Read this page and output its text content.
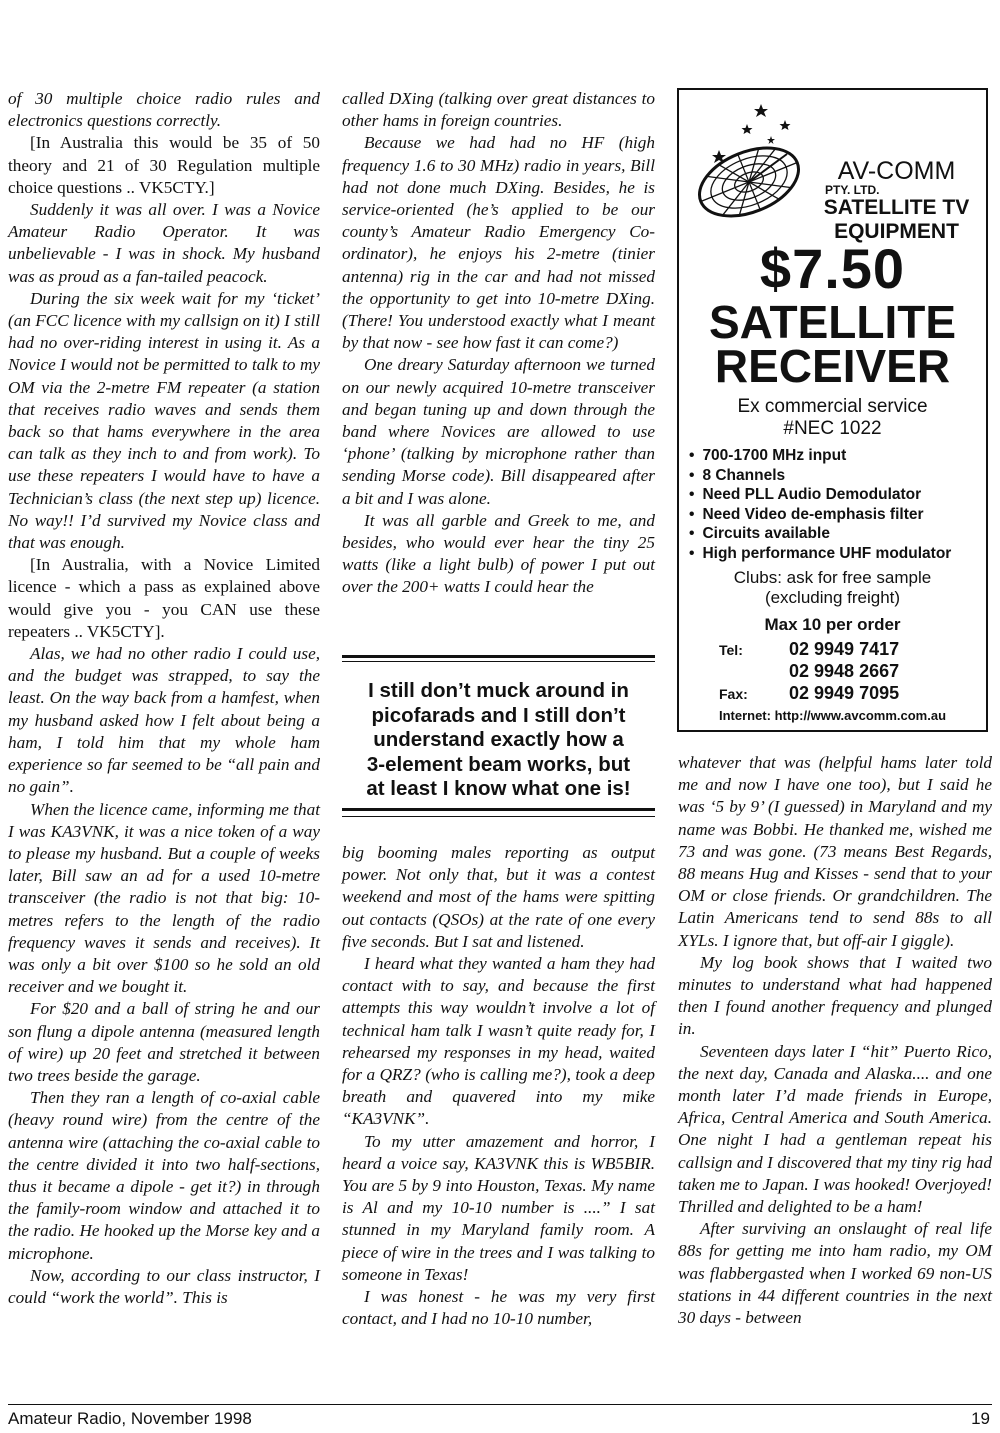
of 30 multiple choice radio rules and electronics questions correctly.

[In Australia this would be 35 of 50 theory and 21 of 30 Regulation multiple choice questions .. VK5CTY.]

Suddenly it was all over. I was a Novice Amateur Radio Operator. It was unbelievable - I was in shock. My husband was as proud as a fan-tailed peacock.

During the six week wait for my ‘ticket’ (an FCC licence with my callsign on it) I still had no over-riding interest in using it. As a Novice I would not be permitted to talk to my OM via the 2-metre FM repeater (a station that receives radio waves and sends them back so that hams everywhere in the area can talk as they inch to and from work). To use these repeaters I would have to have a Technician’s class (the next step up) licence. No way!! I’d survived my Novice class and that was enough.

[In Australia, with a Novice Limited licence - which a pass as explained above would give you - you CAN use these repeaters .. VK5CTY].

Alas, we had no other radio I could use, and the budget was strapped, to say the least. On the way back from a hamfest, when my husband asked how I felt about being a ham, I told him that my whole ham experience so far seemed to be “all pain and no gain”.

When the licence came, informing me that I was KA3VNK, it was a nice token of a way to please my husband. But a couple of weeks later, Bill saw an ad for a used 10-metre transceiver (the radio is not that big: 10-metres refers to the length of the radio frequency waves it sends and receives). It was only a bit over $100 so he sold an old receiver and we bought it.

For $20 and a ball of string he and our son flung a dipole antenna (measured length of wire) up 20 feet and stretched it between two trees beside the garage.

Then they ran a length of co-axial cable (heavy round wire) from the centre of the antenna wire (attaching the co-axial cable to the centre divided it into two half-sections, thus it became a dipole - get it?) in through the family-room window and attached it to the radio. He hooked up the Morse key and a microphone.

Now, according to our class instructor, I could “work the world”. This is

called DXing (talking over great distances to other hams in foreign countries.

Because we had had no HF (high frequency 1.6 to 30 MHz) radio in years, Bill had not done much DXing. Besides, he is service-oriented (he’s applied to be our county’s Amateur Radio Emergency Co-ordinator), he enjoys his 2-metre (tinier antenna) rig in the car and had not missed the opportunity to get into 10-metre DXing. (There! You understood exactly what I meant by that now - see how fast it can come?)

One dreary Saturday afternoon we turned on our newly acquired 10-metre transceiver and began tuning up and down through the band where Novices are allowed to use ‘phone’ (talking by microphone rather than sending Morse code). Bill disappeared after a bit and I was alone.

It was all garble and Greek to me, and besides, who would ever hear the tiny 25 watts (like a light bulb) of power I put out over the 200+ watts I could hear the

I still don’t muck around in
picofarads and I still don’t
understand exactly how a
3-element beam works, but
at least I know what one is!

big booming males reporting as output power. Not only that, but it was a contest weekend and most of the hams were spitting out contacts (QSOs) at the rate of one every five seconds. But I sat and listened.

I heard what they wanted a ham they had contact with to say, and because the first attempts this way wouldn’t involve a lot of technical ham talk I wasn’t quite ready for, I rehearsed my responses in my head, waited for a QRZ? (who is calling me?), took a deep breath and quavered into my mike “KA3VNK”.

To my utter amazement and horror, I heard a voice say, KA3VNK this is WB5BIR. You are 5 by 9 into Houston, Texas. My name is Al and my 10-10 number is ....” I sat stunned in my Maryland family room. A piece of wire in the trees and I was talking to someone in Texas!

I was honest - he was my very first contact, and I had no 10-10 number,

AV-COMM
PTY. LTD.
SATELLITE TV
EQUIPMENT
$7.50
SATELLITE
RECEIVER
Ex commercial service
#NEC 1022
• 700-1700 MHz input
• 8 Channels
• Need PLL Audio Demodulator
• Need Video de-emphasis filter
• Circuits available
• High performance UHF modulator
Clubs: ask for free sample
(excluding freight)
Max 10 per order
Tel:	02 9949 7417
02 9948 2667
Fax: 02 9949 7095
Internet: http://www.avcomm.com.au

whatever that was (helpful hams later told me and now I have one too), but I said he was ‘5 by 9’ (I guessed) in Maryland and my name was Bobbi. He thanked me, wished me 73 and was gone. (73 means Best Regards, 88 means Hug and Kisses - send that to your OM or close friends. Or grandchildren. The Latin Americans tend to send 88s to all XYLs. I ignore that, but off-air I giggle).

My log book shows that I waited two minutes to understand what had happened then I found another frequency and plunged in.

Seventeen days later I “hit” Puerto Rico, the next day, Canada and Alaska.... and one month later I’d made friends in Europe, Africa, Central America and South America. One night I had a gentleman repeat his callsign and I discovered that my tiny rig had taken me to Japan. I was hooked! Overjoyed! Thrilled and delighted to be a ham!

After surviving an onslaught of real life 88s for getting me into ham radio, my OM was flabbergasted when I worked 69 non-US stations in 44 different countries in the next 30 days - between

Amateur Radio, November 1998	19
